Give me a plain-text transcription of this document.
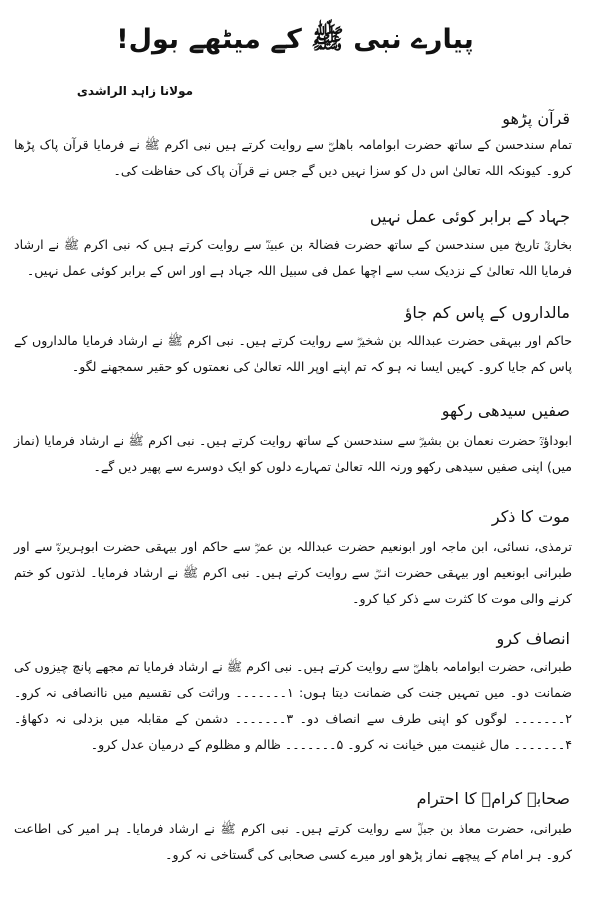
پیارے نبی ﷺ کے میٹھے بول!
مولانا زاہد الراشدی
قرآن پڑھو

تمام سندحسن کے ساتھ حضرت ابوامامہ باھلیؓ سے روایت کرتے ہیں نبی اکرم ﷺ نے فرمایا قرآن پاک پڑھا کرو۔ کیونکہ اللہ تعالیٰ اس دل کو سزا نہیں دیں گے جس نے قرآن پاک کی حفاظت کی۔

جہاد کے برابر کوئی عمل نہیں

بخاریؒ تاریخ میں سندحسن کے ساتھ حضرت فضالۃ بن عبیدؓ سے روایت کرتے ہیں کہ نبی اکرم ﷺ نے ارشاد فرمایا اللہ تعالیٰ کے نزدیک سب سے اچھا عمل فی سبیل اللہ جہاد ہے اور اس کے برابر کوئی عمل نہیں۔

مالداروں کے پاس کم جاؤ

حاکم اور بیہقی حضرت عبداللہ بن شخیرؓ سے روایت کرتے ہیں۔ نبی اکرم ﷺ نے ارشاد فرمایا مالداروں کے پاس کم جایا کرو۔ کہیں ایسا نہ ہو کہ تم اپنے اوپر اللہ تعالیٰ کی نعمتوں کو حقیر سمجھنے لگو۔

صفیں سیدھی رکھو

ابوداؤدؒ حضرت نعمان بن بشیرؓ سے سندحسن کے ساتھ روایت کرتے ہیں۔ نبی اکرم ﷺ نے ارشاد فرمایا (نماز میں) اپنی صفیں سیدھی رکھو ورنہ اللہ تعالیٰ تمہارے دلوں کو ایک دوسرے سے پھیر دیں گے۔

موت کا ذکر

ترمذی، نسائی، ابن ماجہ اور ابونعیم حضرت عبداللہ بن عمرؓ سے حاکم اور بیہقی حضرت ابوہریرہؓ سے اور طبرانی ابونعیم اور بیہقی حضرت انسؓ سے روایت کرتے ہیں۔ نبی اکرم ﷺ نے ارشاد فرمایا۔ لذتوں کو ختم کرنے والی موت کا کثرت سے ذکر کیا کرو۔

انصاف کرو

طبرانی، حضرت ابوامامہ باھلیؓ سے روایت کرتے ہیں۔ نبی اکرم ﷺ نے ارشاد فرمایا تم مجھے پانچ چیزوں کی ضمانت دو۔ میں تمہیں جنت کی ضمانت دیتا ہوں: ۱۔۔۔۔۔۔۔ وراثت کی تقسیم میں ناانصافی نہ کرو۔ ۲۔۔۔۔۔۔۔ لوگوں کو اپنی طرف سے انصاف دو۔ ۳۔۔۔۔۔۔۔ دشمن کے مقابلہ میں بزدلی نہ دکھاؤ۔ ۴۔۔۔۔۔۔۔ مال غنیمت میں خیانت نہ کرو۔ ۵۔۔۔۔۔۔۔ ظالم و مظلوم کے درمیان عدل کرو۔

صحابہ کرامؓ کا احترام

طبرانی، حضرت معاذ بن جبلؓ سے روایت کرتے ہیں۔ نبی اکرم ﷺ نے ارشاد فرمایا۔ ہر امیر کی اطاعت کرو۔ ہر امام کے پیچھے نماز پڑھو اور میرے کسی صحابی کی گستاخی نہ کرو۔
